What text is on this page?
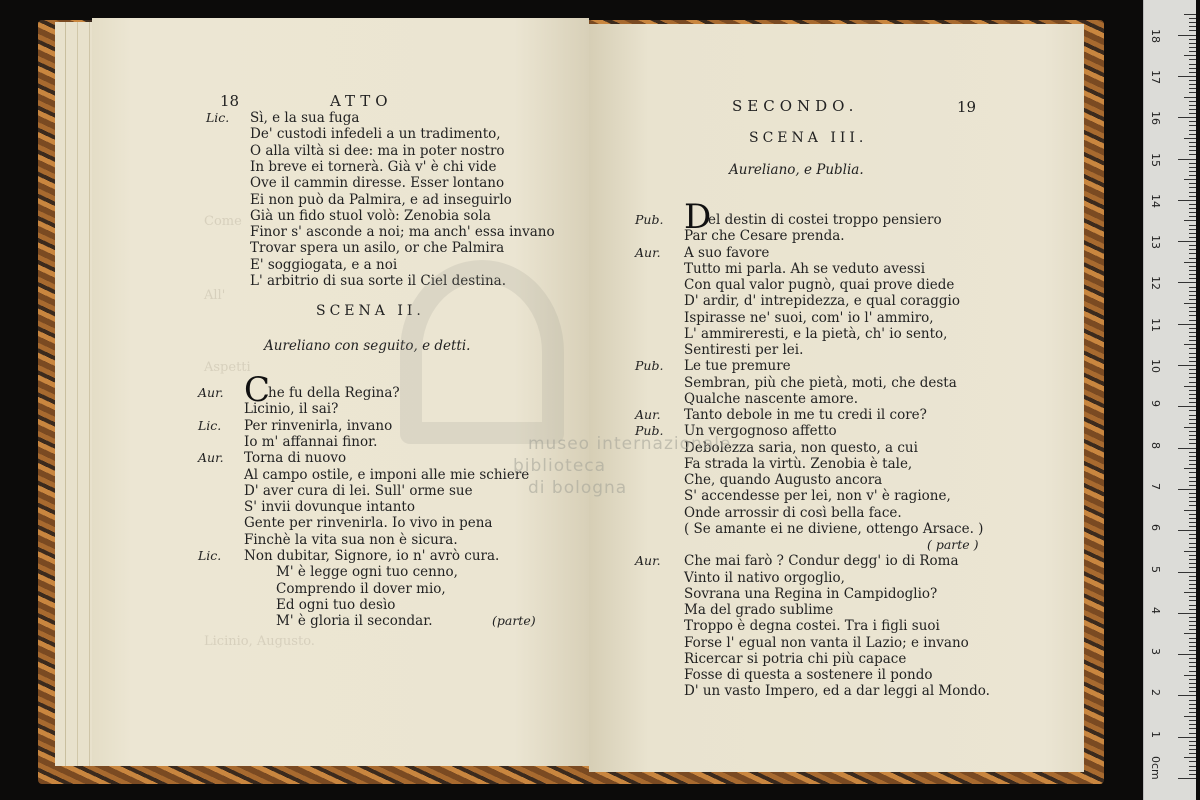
18	ATTO
Come
All'
Aspetti
Licinio, Augusto.
Lic. Sì, e la sua fuga
De' custodi infedeli a un tradimento,
O alla viltà si dee: ma in poter nostro
In breve ei tornerà. Già v' è chi vide
Ove il cammin diresse. Esser lontano
Ei non può da Palmira, e ad inseguirlo
Già un fido stuol volò: Zenobia sola
Finor s' asconde a noi; ma anch' essa invano
Trovar spera un asilo, or che Palmira
E' soggiogata, e a noi
L' arbitrio di sua sorte il Ciel destina.
SCENA II.
Aureliano con seguito, e detti.
Aur. C
he fu della Regina?
Licinio, il sai?
Lic. Per rinvenirla, invano
Io m' affannai finor.
Aur. Torna di nuovo
Al campo ostile, e imponi alle mie schiere
D' aver cura di lei. Sull' orme sue
S' invii dovunque intanto
Gente per rinvenirla. Io vivo in pena
Finchè la vita sua non è sicura.
Lic. Non dubitar, Signore, io n' avrò cura.
M' è legge ogni tuo cenno,
Comprendo il dover mio,
Ed ogni tuo desìo
M' è gloria il secondar.	(parte)
SECONDO.	19
SCENA III.
Aureliano, e Publia.
Pub. D
el destin di costei troppo pensiero
Par che Cesare prenda.
Aur. A suo favore
Tutto mi parla. Ah se veduto avessi
Con qual valor pugnò, quai prove diede
D' ardir, d' intrepidezza, e qual coraggio
Ispirasse ne' suoi, com' io l' ammiro,
L' ammireresti, e la pietà, ch' io sento,
Sentiresti per lei.
Pub. Le tue premure
Sembran, più che pietà, moti, che desta
Qualche nascente amore.
Aur. Tanto debole in me tu credi il core?
Pub. Un vergognoso affetto
Debolezza saria, non questo, a cui
Fa strada la virtù. Zenobia è tale,
Che, quando Augusto ancora
S' accendesse per lei, non v' è ragione,
Onde arrossir di così bella face.
( Se amante ei ne diviene, ottengo Arsace. )
( parte )
Aur. Che mai farò ? Condur degg' io di Roma
Vinto il nativo orgoglio,
Sovrana una Regina in Campidoglio?
Ma del grado sublime
Troppo è degna costei. Tra i figli suoi
Forse l' egual non vanta il Lazio; e invano
Ricercar si potria chi più capace
Fosse di questa a sostenere il pondo
D' un vasto Impero, ed a dar leggi al Mondo.
museo internazionale
biblioteca
di bologna
0cm
1
2
3
4
5
6
7
8
9
10
11
12
13
14
15
16
17
18
